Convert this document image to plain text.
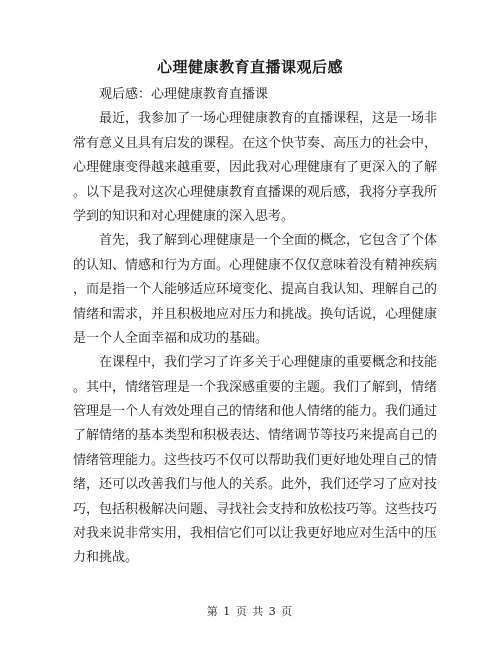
心理健康教育直播课观后感
观后感：心理健康教育直播课
最近，我参加了一场心理健康教育的直播课程，这是一场非
常有意义且具有启发的课程。在这个快节奏、高压力的社会中，
心理健康变得越来越重要，因此我对心理健康有了更深入的了解
。以下是我对这次心理健康教育直播课的观后感，我将分享我所
学到的知识和对心理健康的深入思考。
首先，我了解到心理健康是一个全面的概念，它包含了个体
的认知、情感和行为方面。心理健康不仅仅意味着没有精神疾病
，而是指一个人能够适应环境变化、提高自我认知、理解自己的
情绪和需求，并且积极地应对压力和挑战。换句话说，心理健康
是一个人全面幸福和成功的基础。
在课程中，我们学习了许多关于心理健康的重要概念和技能
。其中，情绪管理是一个我深感重要的主题。我们了解到，情绪
管理是一个人有效处理自己的情绪和他人情绪的能力。我们通过
了解情绪的基本类型和积极表达、情绪调节等技巧来提高自己的
情绪管理能力。这些技巧不仅可以帮助我们更好地处理自己的情
绪，还可以改善我们与他人的关系。此外，我们还学习了应对技
巧，包括积极解决问题、寻找社会支持和放松技巧等。这些技巧
对我来说非常实用，我相信它们可以让我更好地应对生活中的压
力和挑战。
第 1 页 共 3 页
